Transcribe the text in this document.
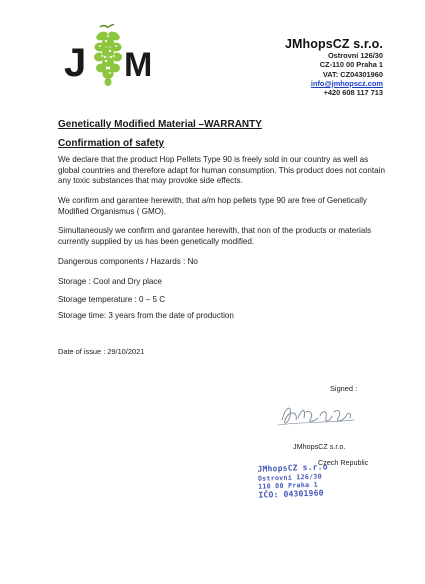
J M
JMhopsCZ s.r.o.
Ostrovní 126/30
CZ-110 00 Praha 1
VAT: CZ04301960
info@jmhopscz.com
+420 608 117 713
Genetically Modified Material –WARRANTY
Confirmation of safety
We declare that the product Hop Pellets Type 90 is freely sold in our country as well as global countries and therefore adapt for human consumption. This product does not contain any toxic substances that may provoke side effects.
We confirm and garantee herewith, that a/m hop pellets type 90 are free of Genetically Modified Organismus ( GMO).
Simultaneously we confirm and garantee herewith, that non of the products or materials currently supplied by us has been genetically modified.
Dangerous components / Hazards : No
Storage : Cool and Dry place
Storage temperature : 0 – 5 C
Storage time: 3 years from the date of production
Date of issue : 29/10/2021
Signed :
JMhopsCZ s.r.o.
Czech Republic
JMhopsCZ s.r.o
Ostrovní 126/30
110 00 Praha 1
IČO: 04301960
